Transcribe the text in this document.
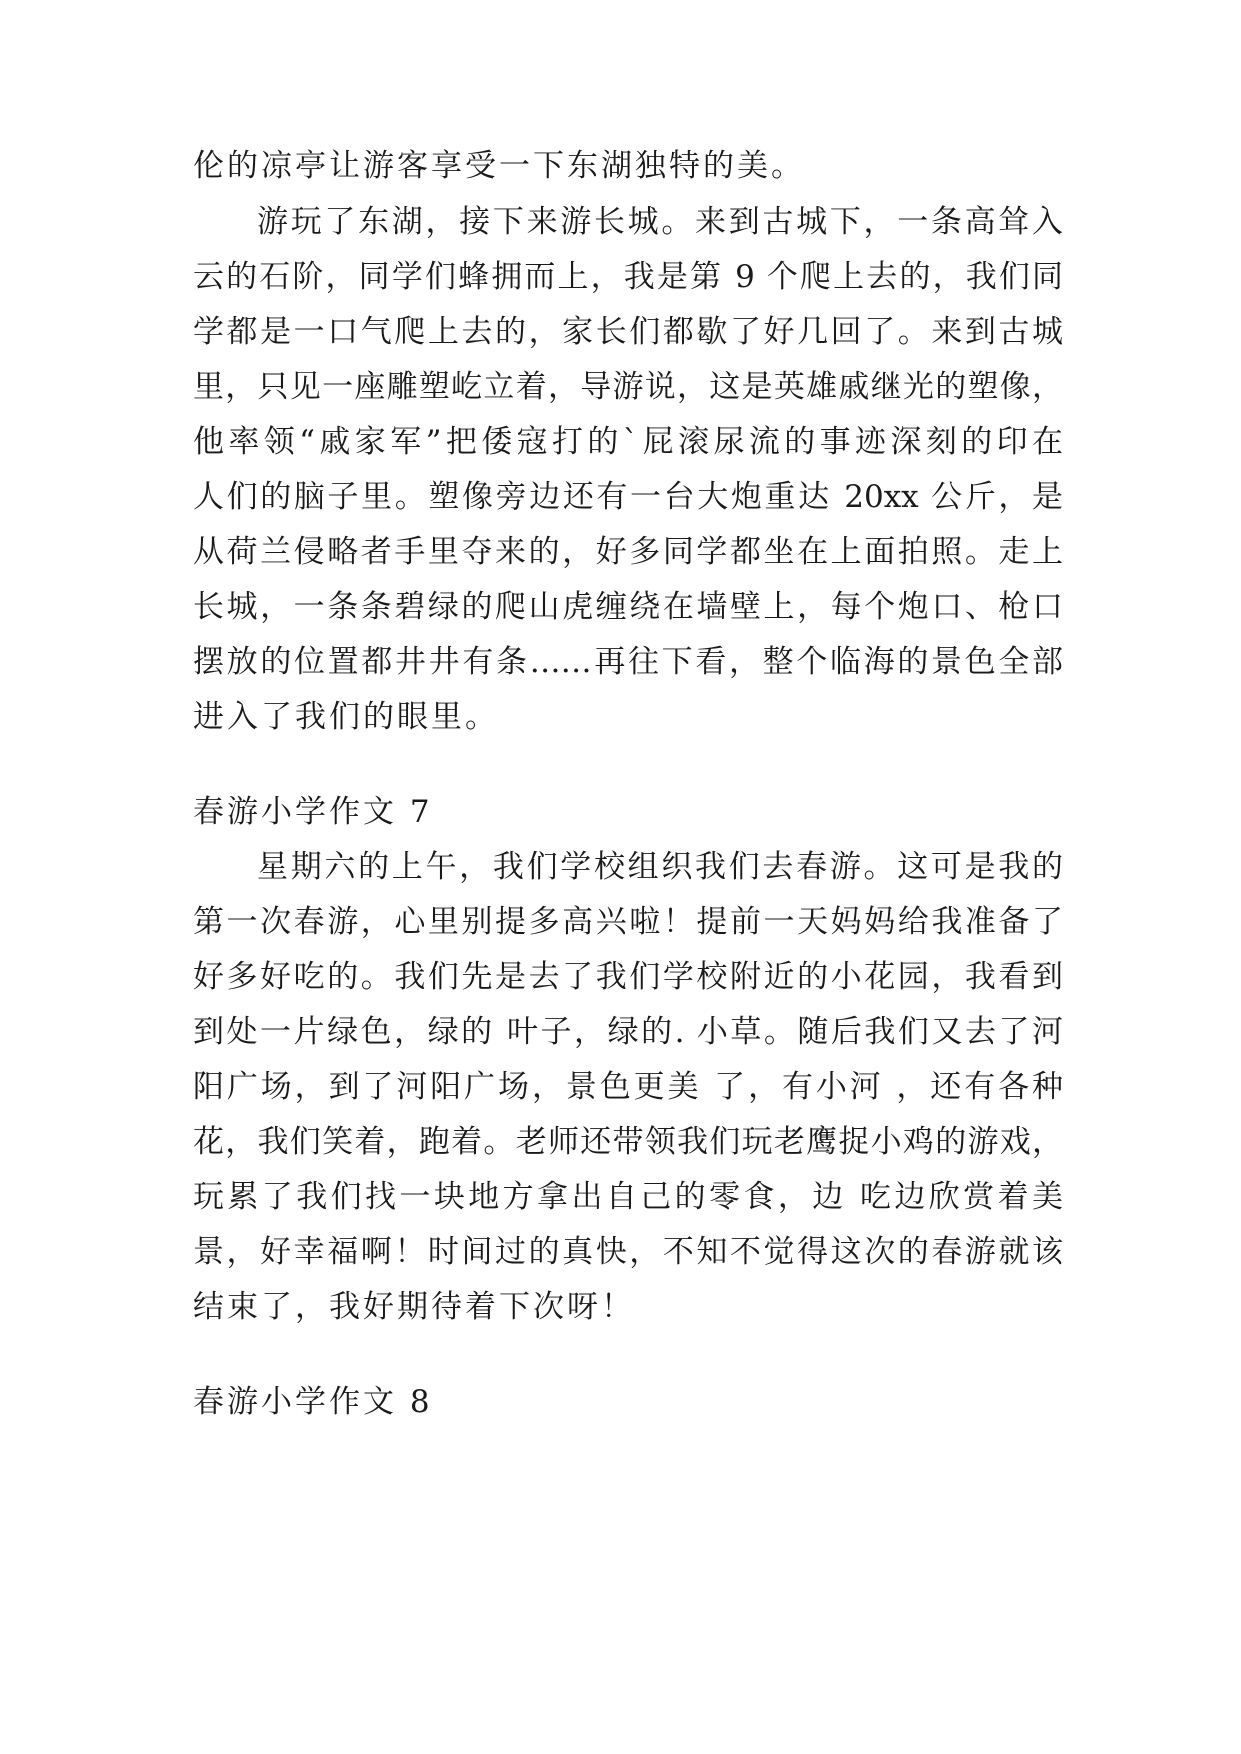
伦的凉亭让游客享受一下东湖独特的美。
游玩了东湖，接下来游长城。来到古城下，一条高耸入
云的石阶，同学们蜂拥而上，我是第 9 个爬上去的，我们同
学都是一口气爬上去的，家长们都歇了好几回了。来到古城
里，只见一座雕塑屹立着，导游说，这是英雄戚继光的塑像，
他率领“戚家军”把倭寇打的`屁滚尿流的事迹深刻的印在
人们的脑子里。塑像旁边还有一台大炮重达 20xx 公斤，是
从荷兰侵略者手里夺来的，好多同学都坐在上面拍照。走上
长城，一条条碧绿的爬山虎缠绕在墙壁上，每个炮口、枪口
摆放的位置都井井有条……再往下看，整个临海的景色全部
进入了我们的眼里。
春游小学作文 7
星期六的上午，我们学校组织我们去春游。这可是我的
第一次春游，心里别提多高兴啦！提前一天妈妈给我准备了
好多好吃的。我们先是去了我们学校附近的小花园，我看到
到处一片绿色，绿的 叶子，绿的. 小草。随后我们又去了河
阳广场，到了河阳广场，景色更美 了，有小河 ，还有各种
花，我们笑着，跑着。老师还带领我们玩老鹰捉小鸡的游戏，
玩累了我们找一块地方拿出自己的零食，边 吃边欣赏着美
景，好幸福啊！时间过的真快，不知不觉得这次的春游就该
结束了，我好期待着下次呀！
春游小学作文 8
